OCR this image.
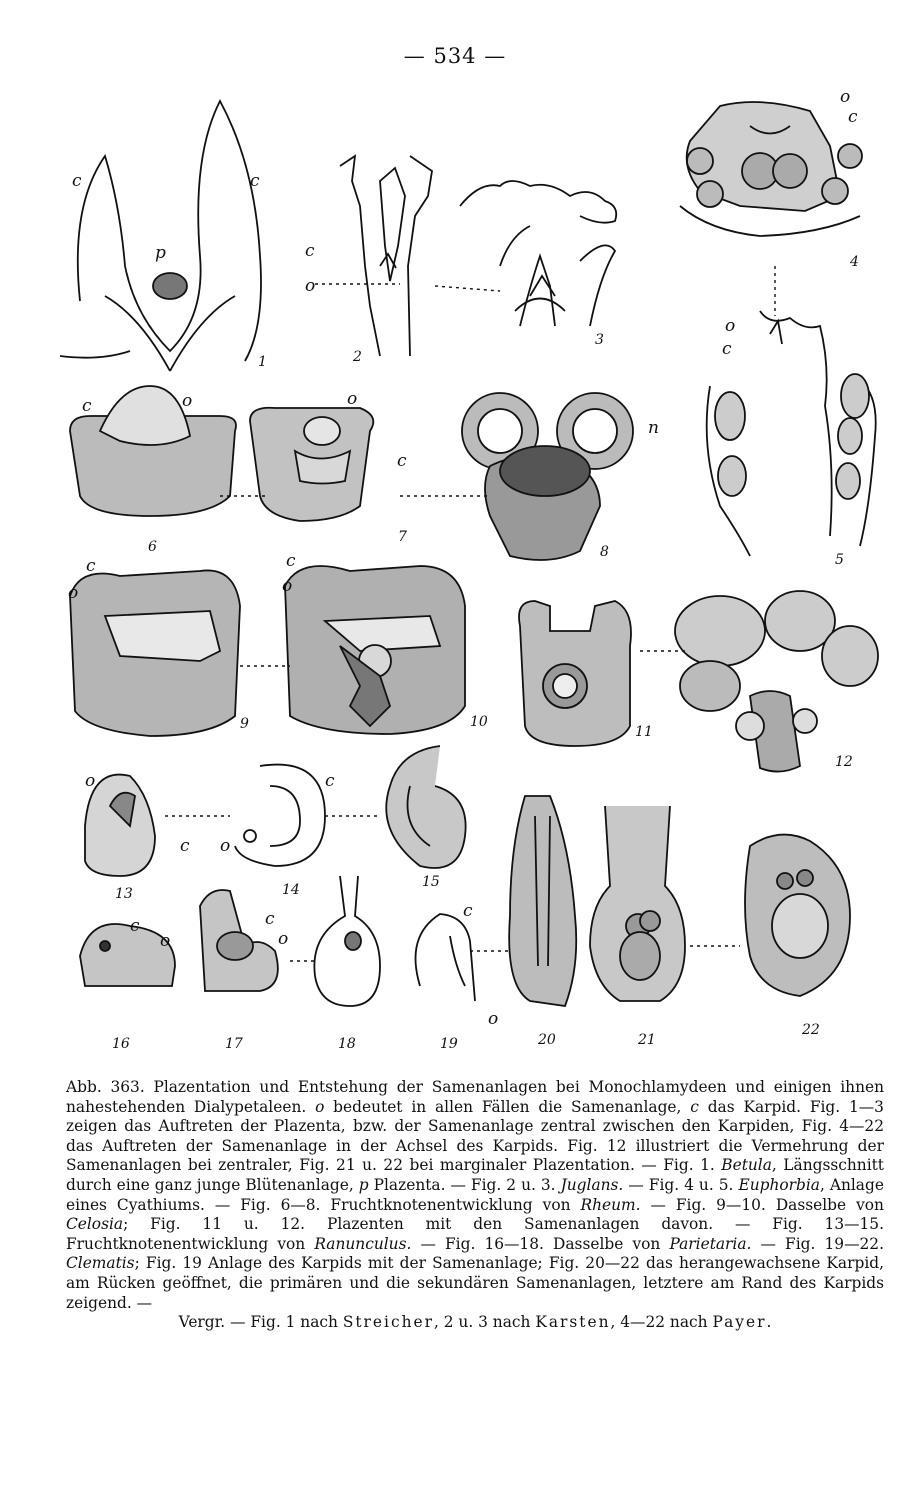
— 534 —
c	c
p	c
o
o
c
o
c
c	o	o
c
n
c
o
c
o
o
c
c
o
c
o
c
o
c
o
1	2
3
4
5
6
7
8
9	10
11
12
13	14	15
16	17	18	19	20	21
22

Abb. 363. Plazentation und Entstehung der Samenanlagen bei Monochlamydeen und einigen ihnen nahestehenden Dialypetaleen. o bedeutet in allen Fällen die Samenanlage, c das Karpid. Fig. 1—3 zeigen das Auftreten der Plazenta, bzw. der Samenanlage zentral zwischen den Karpiden, Fig. 4—22 das Auftreten der Samenanlage in der Achsel des Karpids. Fig. 12 illustriert die Vermehrung der Samenanlagen bei zentraler, Fig. 21 u. 22 bei marginaler Plazentation. — Fig. 1. Betula, Längsschnitt durch eine ganz junge Blütenanlage, p Plazenta. — Fig. 2 u. 3. Juglans. — Fig. 4 u. 5. Euphorbia, Anlage eines Cyathiums. — Fig. 6—8. Fruchtknotenentwicklung von Rheum. — Fig. 9—10. Dasselbe von Celosia; Fig. 11 u. 12. Plazenten mit den Samenanlagen davon. — Fig. 13—15. Fruchtknotenentwicklung von Ranunculus. — Fig. 16—18. Dasselbe von Parietaria. — Fig. 19—22. Clematis; Fig. 19 Anlage des Karpids mit der Samenanlage; Fig. 20—22 das herangewachsene Karpid, am Rücken geöffnet, die primären und die sekundären Samenanlagen, letztere am Rand des Karpids zeigend. —

Vergr. — Fig. 1 nach Streicher, 2 u. 3 nach Karsten, 4—22 nach Payer.
